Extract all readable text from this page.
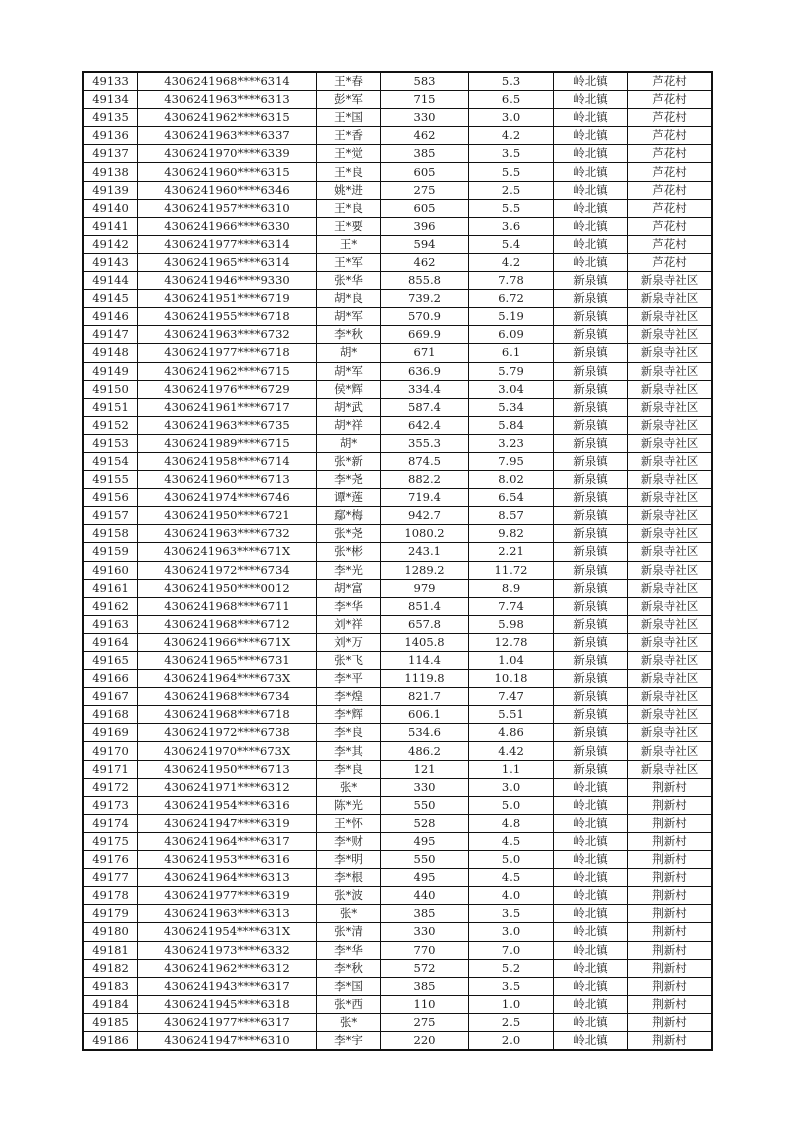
49133	4306241968****6314	王*春	583	5.3	岭北镇	芦花村
49134	4306241963****6313	彭*军	715	6.5	岭北镇	芦花村
49135	4306241962****6315	王*国	330	3.0	岭北镇	芦花村
49136	4306241963****6337	王*香	462	4.2	岭北镇	芦花村
49137	4306241970****6339	王*觉	385	3.5	岭北镇	芦花村
49138	4306241960****6315	王*良	605	5.5	岭北镇	芦花村
49139	4306241960****6346	姚*进	275	2.5	岭北镇	芦花村
49140	4306241957****6310	王*良	605	5.5	岭北镇	芦花村
49141	4306241966****6330	王*要	396	3.6	岭北镇	芦花村
49142	4306241977****6314	王*	594	5.4	岭北镇	芦花村
49143	4306241965****6314	王*军	462	4.2	岭北镇	芦花村
49144	4306241946****9330	张*华	855.8	7.78	新泉镇	新泉寺社区
49145	4306241951****6719	胡*良	739.2	6.72	新泉镇	新泉寺社区
49146	4306241955****6718	胡*军	570.9	5.19	新泉镇	新泉寺社区
49147	4306241963****6732	李*秋	669.9	6.09	新泉镇	新泉寺社区
49148	4306241977****6718	胡*	671	6.1	新泉镇	新泉寺社区
49149	4306241962****6715	胡*军	636.9	5.79	新泉镇	新泉寺社区
49150	4306241976****6729	侯*辉	334.4	3.04	新泉镇	新泉寺社区
49151	4306241961****6717	胡*武	587.4	5.34	新泉镇	新泉寺社区
49152	4306241963****6735	胡*祥	642.4	5.84	新泉镇	新泉寺社区
49153	4306241989****6715	胡*	355.3	3.23	新泉镇	新泉寺社区
49154	4306241958****6714	张*新	874.5	7.95	新泉镇	新泉寺社区
49155	4306241960****6713	李*尧	882.2	8.02	新泉镇	新泉寺社区
49156	4306241974****6746	谭*莲	719.4	6.54	新泉镇	新泉寺社区
49157	4306241950****6721	鄢*梅	942.7	8.57	新泉镇	新泉寺社区
49158	4306241963****6732	张*尧	1080.2	9.82	新泉镇	新泉寺社区
49159	4306241963****671X	张*彬	243.1	2.21	新泉镇	新泉寺社区
49160	4306241972****6734	李*光	1289.2	11.72	新泉镇	新泉寺社区
49161	4306241950****0012	胡*富	979	8.9	新泉镇	新泉寺社区
49162	4306241968****6711	李*华	851.4	7.74	新泉镇	新泉寺社区
49163	4306241968****6712	刘*祥	657.8	5.98	新泉镇	新泉寺社区
49164	4306241966****671X	刘*万	1405.8	12.78	新泉镇	新泉寺社区
49165	4306241965****6731	张*飞	114.4	1.04	新泉镇	新泉寺社区
49166	4306241964****673X	李*平	1119.8	10.18	新泉镇	新泉寺社区
49167	4306241968****6734	李*煌	821.7	7.47	新泉镇	新泉寺社区
49168	4306241968****6718	李*辉	606.1	5.51	新泉镇	新泉寺社区
49169	4306241972****6738	李*良	534.6	4.86	新泉镇	新泉寺社区
49170	4306241970****673X	李*其	486.2	4.42	新泉镇	新泉寺社区
49171	4306241950****6713	李*良	121	1.1	新泉镇	新泉寺社区
49172	4306241971****6312	张*	330	3.0	岭北镇	荆新村
49173	4306241954****6316	陈*光	550	5.0	岭北镇	荆新村
49174	4306241947****6319	王*怀	528	4.8	岭北镇	荆新村
49175	4306241964****6317	李*财	495	4.5	岭北镇	荆新村
49176	4306241953****6316	李*明	550	5.0	岭北镇	荆新村
49177	4306241964****6313	李*根	495	4.5	岭北镇	荆新村
49178	4306241977****6319	张*波	440	4.0	岭北镇	荆新村
49179	4306241963****6313	张*	385	3.5	岭北镇	荆新村
49180	4306241954****631X	张*清	330	3.0	岭北镇	荆新村
49181	4306241973****6332	李*华	770	7.0	岭北镇	荆新村
49182	4306241962****6312	李*秋	572	5.2	岭北镇	荆新村
49183	4306241943****6317	李*国	385	3.5	岭北镇	荆新村
49184	4306241945****6318	张*西	110	1.0	岭北镇	荆新村
49185	4306241977****6317	张*	275	2.5	岭北镇	荆新村
49186	4306241947****6310	李*宇	220	2.0	岭北镇	荆新村
